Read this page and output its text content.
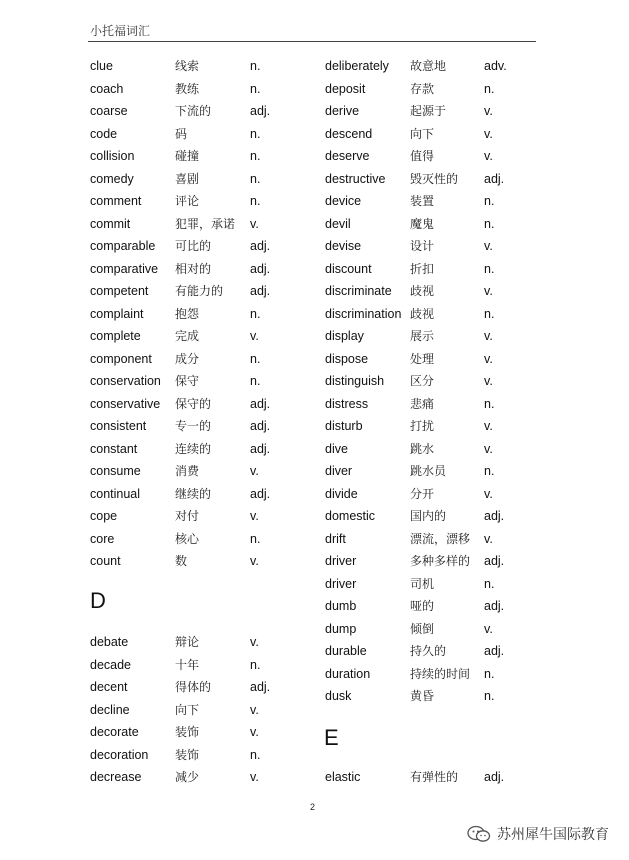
小托福词汇
clue	线索	n.
coach	教练	n.
coarse	下流的	adj.
code	码	n.
collision	碰撞	n.
comedy	喜剧	n.
comment	评论	n.
commit	犯罪，承诺 v.
comparable 可比的	adj.
comparative 相对的	adj.
competent 有能力的 adj.
complaint	抱怨	n.
complete	完成	v.
component 成分	n.
conservation 保守	n.
conservative 保守的	adj.
consistent 专一的	adj.
constant	连续的	adj.
consume	消费	v.
continual	继续的	adj.
cope	对付	v.
core	核心	n.
count	数	v.
D
debate	辩论	v.
decade	十年	n.
decent	得体的	adj.
decline	向下	v.
decorate	装饰	v.
decoration 装饰	n.
decrease	减少	v.
deliberately 故意地	adv.
deposit	存款	n.
derive	起源于	v.
descend	向下	v.
deserve	值得	v.
destructive 毁灭性的 adj.
device	装置	n.
devil	魔鬼	n.
devise	设计	v.
discount	折扣	n.
discriminate 歧视	v.
discrimination 歧视	n.
display	展示	v.
dispose	处理	v.
distinguish 区分	v.
distress	悲痛	n.
disturb	打扰	v.
dive	跳水	v.
diver	跳水员	n.
divide	分开	v.
domestic	国内的	adj.
drift	漂流，漂移 v.
driver	多种多样的 adj.
driver	司机	n.
dumb	哑的	adj.
dump	倾倒	v.
durable	持久的	adj.
duration	持续的时间 n.
dusk	黄昏	n.
E
elastic	有弹性的 adj.
2
苏州犀牛国际教育
